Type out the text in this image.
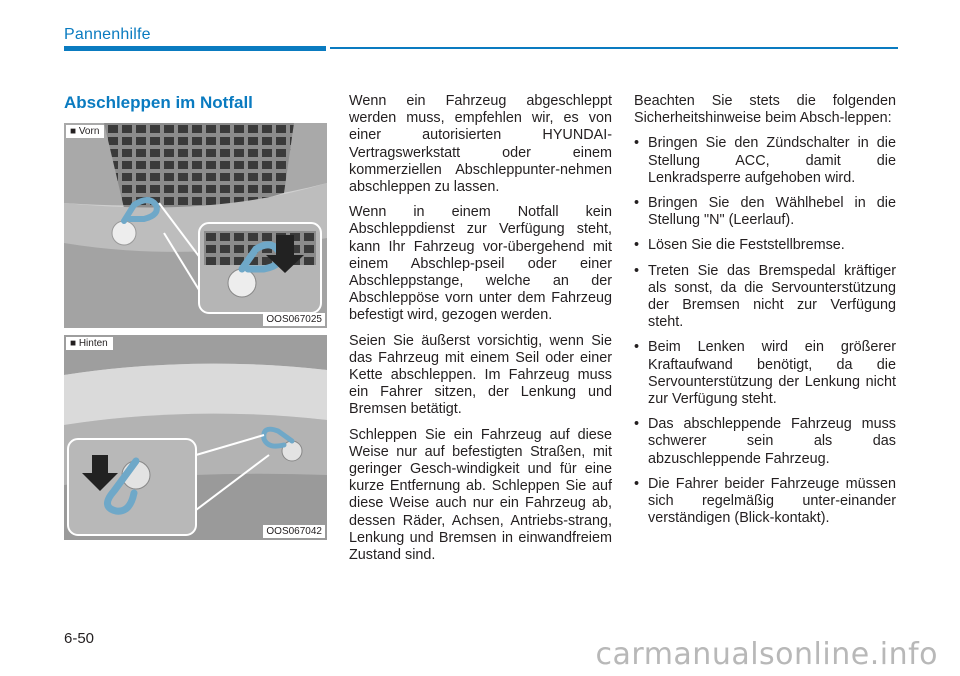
Pannenhilfe
Abschleppen im Notfall
■ Vorn
OOS067025
■ Hinten
OOS067042

Wenn ein Fahrzeug abgeschleppt werden muss, empfehlen wir, es von einer autorisierten HYUNDAI-Vertragswerkstatt oder einem kommerziellen Abschleppunter-nehmen abschleppen zu lassen.

Wenn in einem Notfall kein Abschleppdienst zur Verfügung steht, kann Ihr Fahrzeug vor-übergehend mit einem Abschlep-pseil oder einer Abschleppstange, welche an der Abschleppöse vorn unter dem Fahrzeug befestigt wird, gezogen werden.

Seien Sie äußerst vorsichtig, wenn Sie das Fahrzeug mit einem Seil oder einer Kette abschleppen. Im Fahrzeug muss ein Fahrer sitzen, der Lenkung und Bremsen betätigt.

Schleppen Sie ein Fahrzeug auf diese Weise nur auf befestigten Straßen, mit geringer Gesch-windigkeit und für eine kurze Entfernung ab. Schleppen Sie auf diese Weise auch nur ein Fahrzeug ab, dessen Räder, Achsen, Antriebs-strang, Lenkung und Bremsen in einwandfreiem Zustand sind.

Beachten Sie stets die folgenden Sicherheitshinweise beim Absch-leppen:

• Bringen Sie den Zündschalter in die Stellung ACC, damit die Lenkradsperre aufgehoben wird.
• Bringen Sie den Wählhebel in die Stellung "N" (Leerlauf).
• Lösen Sie die Feststellbremse.
• Treten Sie das Bremspedal kräftiger als sonst, da die Servounterstützung der Bremsen nicht zur Verfügung steht.
• Beim Lenken wird ein größerer Kraftaufwand benötigt, da die Servounterstützung der Lenkung nicht zur Verfügung steht.
• Das abschleppende Fahrzeug muss schwerer sein als das abzuschleppende Fahrzeug.
• Die Fahrer beider Fahrzeuge müssen sich regelmäßig unter-einander verständigen (Blick-kontakt).
6-50	carmanualsonline.info
